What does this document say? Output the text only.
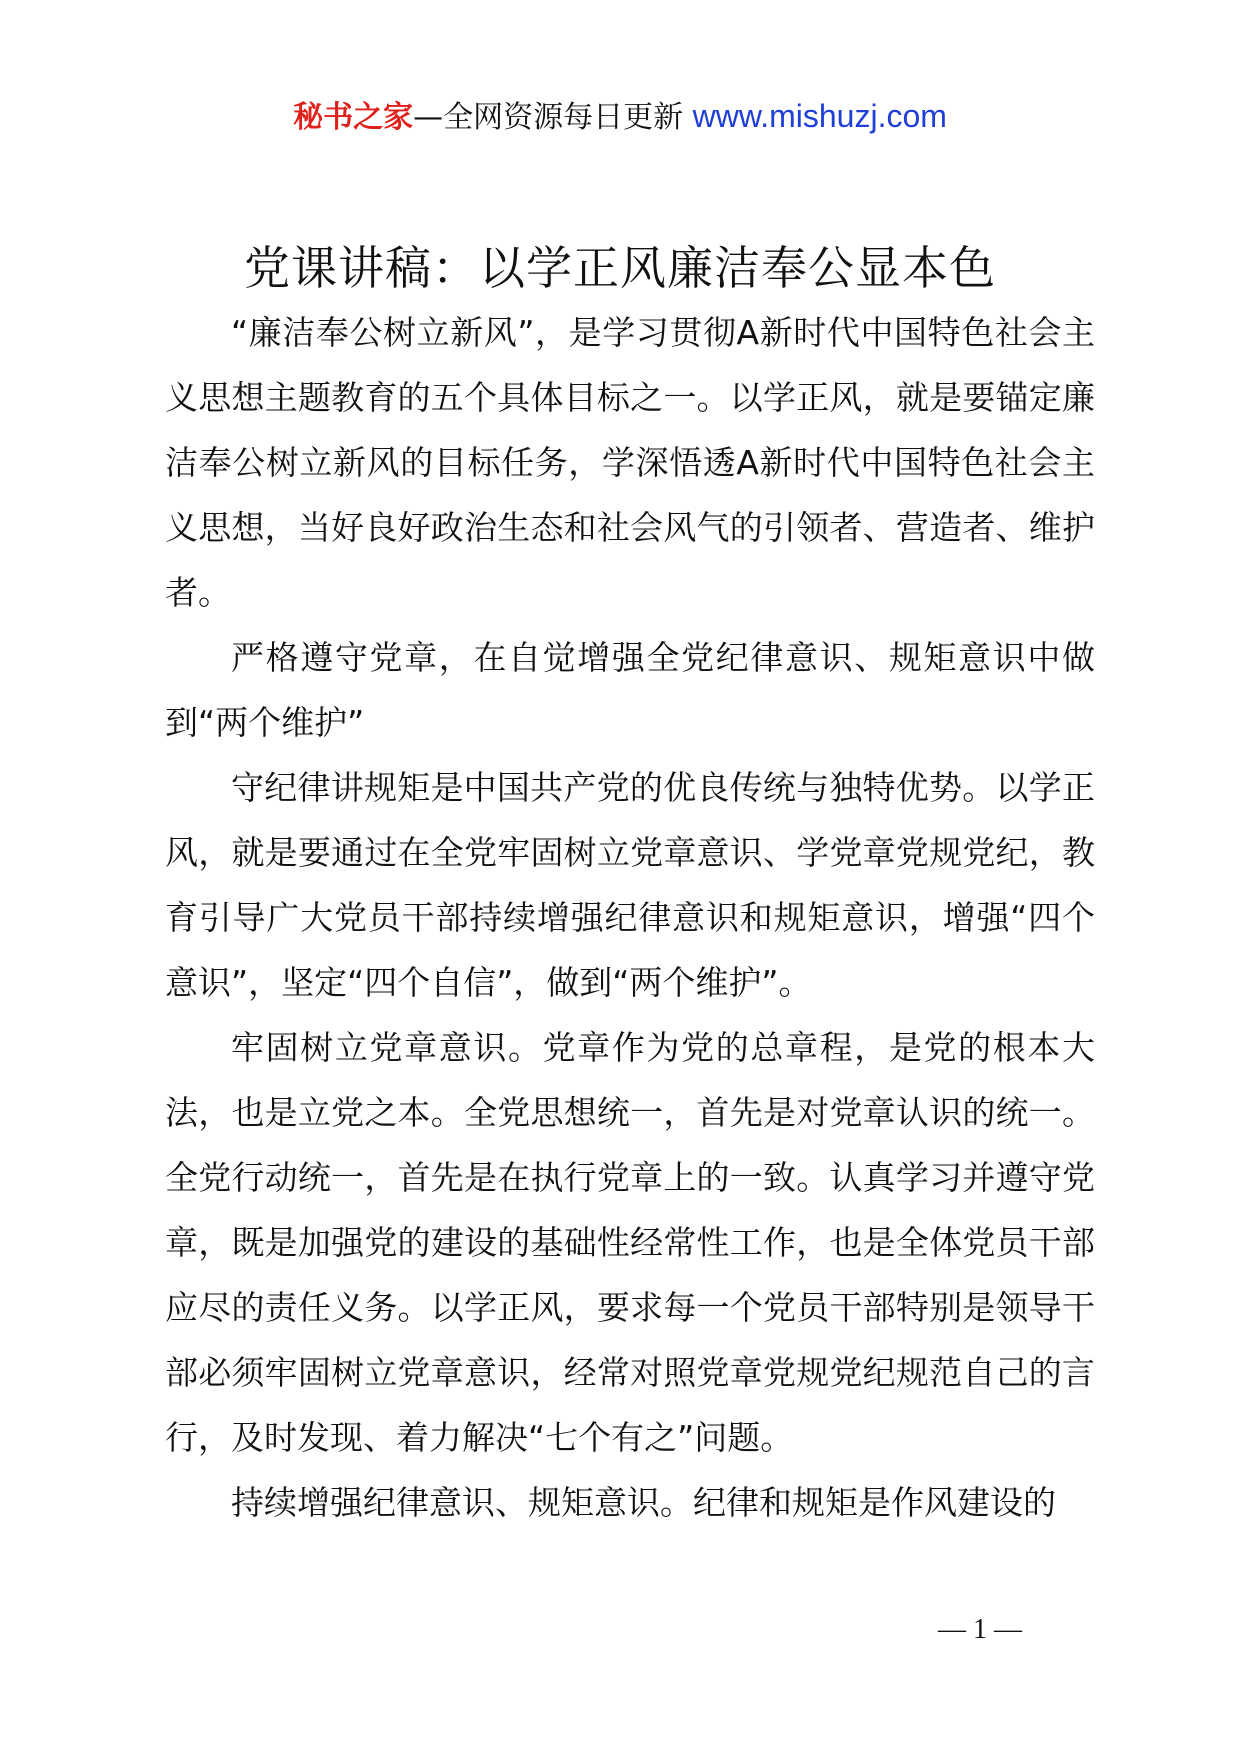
秘书之家—全网资源每日更新 www.mishuzj.com
党课讲稿：以学正风廉洁奉公显本色

“廉洁奉公树立新风”，是学习贯彻A新时代中国特色社会主义思想主题教育的五个具体目标之一。以学正风，就是要锚定廉洁奉公树立新风的目标任务，学深悟透A新时代中国特色社会主义思想，当好良好政治生态和社会风气的引领者、营造者、维护者。

严格遵守党章，在自觉增强全党纪律意识、规矩意识中做到“两个维护”

守纪律讲规矩是中国共产党的优良传统与独特优势。以学正风，就是要通过在全党牢固树立党章意识、学党章党规党纪，教育引导广大党员干部持续增强纪律意识和规矩意识，增强“四个意识”，坚定“四个自信”，做到“两个维护”。

牢固树立党章意识。党章作为党的总章程，是党的根本大法，也是立党之本。全党思想统一，首先是对党章认识的统一。全党行动统一，首先是在执行党章上的一致。认真学习并遵守党章，既是加强党的建设的基础性经常性工作，也是全体党员干部应尽的责任义务。以学正风，要求每一个党员干部特别是领导干部必须牢固树立党章意识，经常对照党章党规党纪规范自己的言行，及时发现、着力解决“七个有之”问题。

持续增强纪律意识、规矩意识。纪律和规矩是作风建设的

— 1 —
